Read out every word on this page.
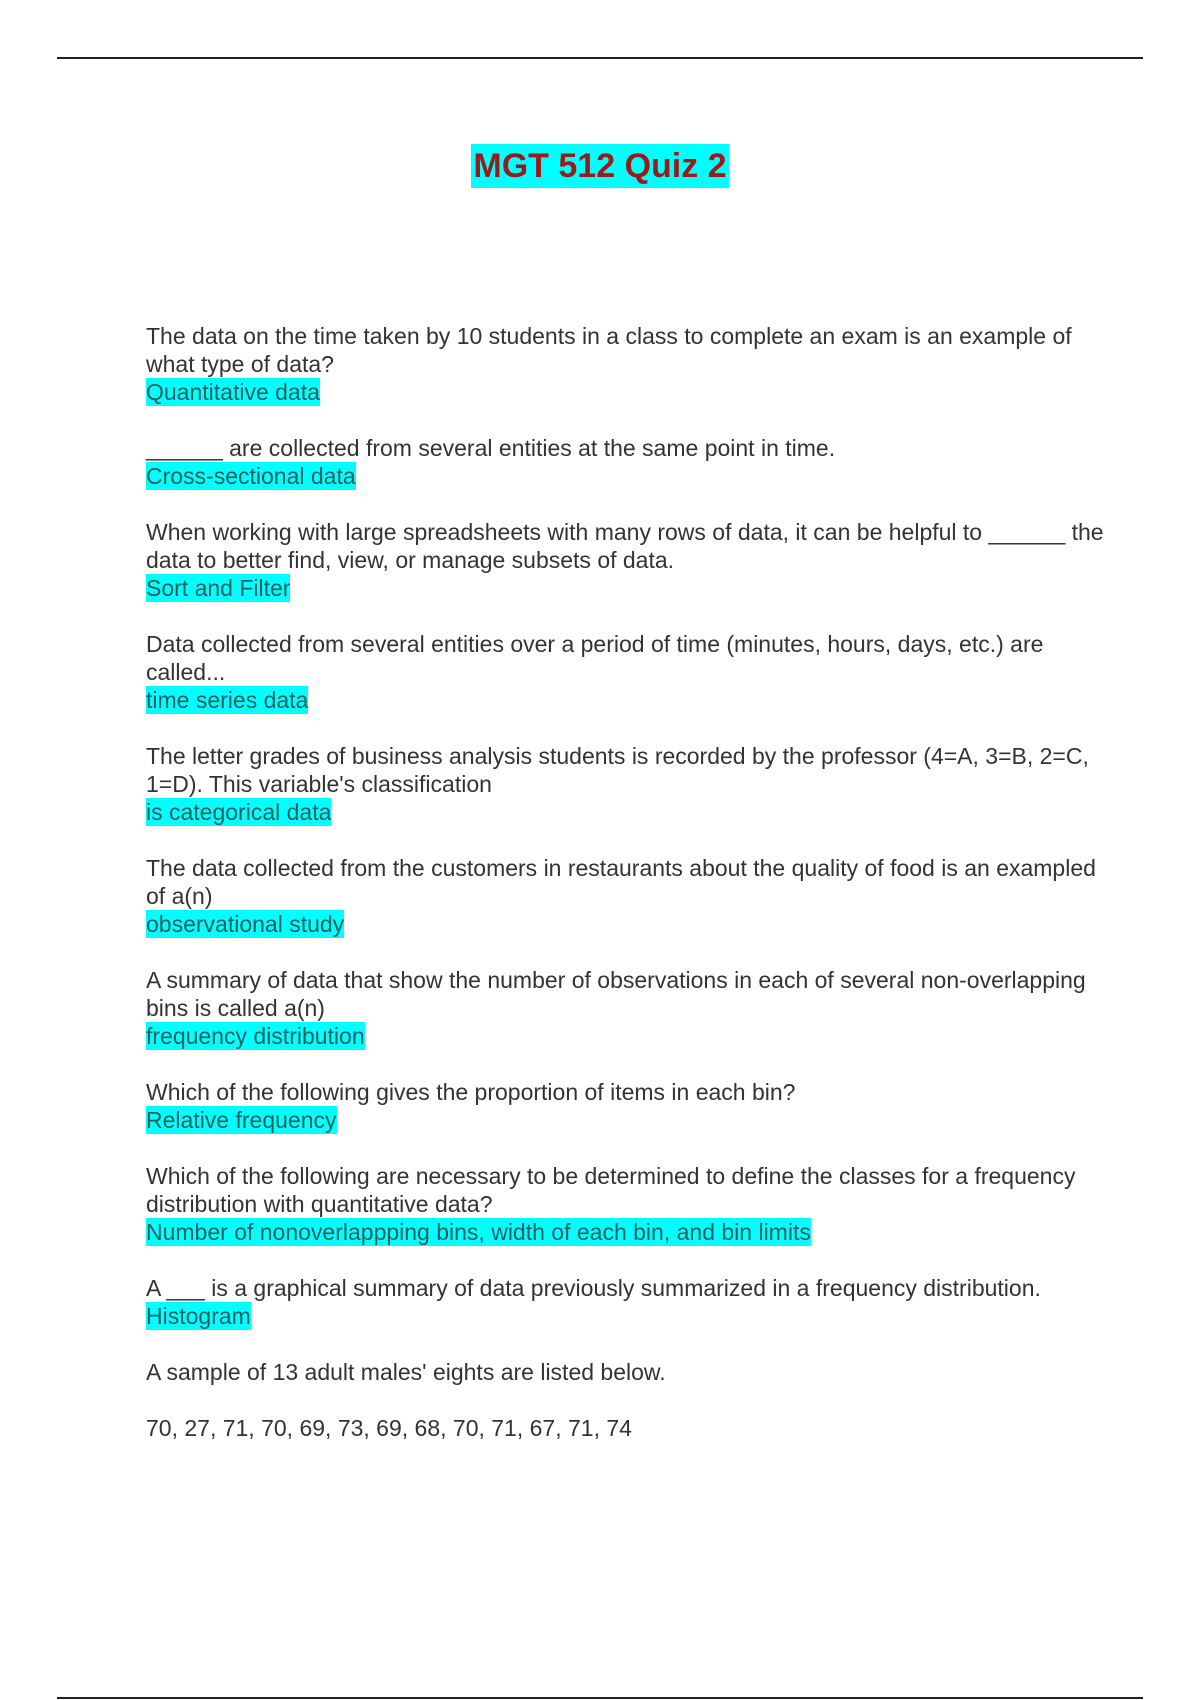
MGT 512 Quiz 2

The data on the time taken by 10 students in a class to complete an exam is an example of what type of data?

Quantitative data

______ are collected from several entities at the same point in time.

Cross-sectional data

When working with large spreadsheets with many rows of data, it can be helpful to ______ the data to better find, view, or manage subsets of data.

Sort and Filter

Data collected from several entities over a period of time (minutes, hours, days, etc.) are called...

time series data

The letter grades of business analysis students is recorded by the professor (4=A, 3=B, 2=C, 1=D). This variable's classification

is categorical data

The data collected from the customers in restaurants about the quality of food is an exampled of a(n)

observational study

A summary of data that show the number of observations in each of several non-overlapping bins is called a(n)

frequency distribution

Which of the following gives the proportion of items in each bin?

Relative frequency

Which of the following are necessary to be determined to define the classes for a frequency distribution with quantitative data?

Number of nonoverlappping bins, width of each bin, and bin limits

A ___ is a graphical summary of data previously summarized in a frequency distribution.

Histogram

A sample of 13 adult males' eights are listed below.

70, 27, 71, 70, 69, 73, 69, 68, 70, 71, 67, 71, 74
